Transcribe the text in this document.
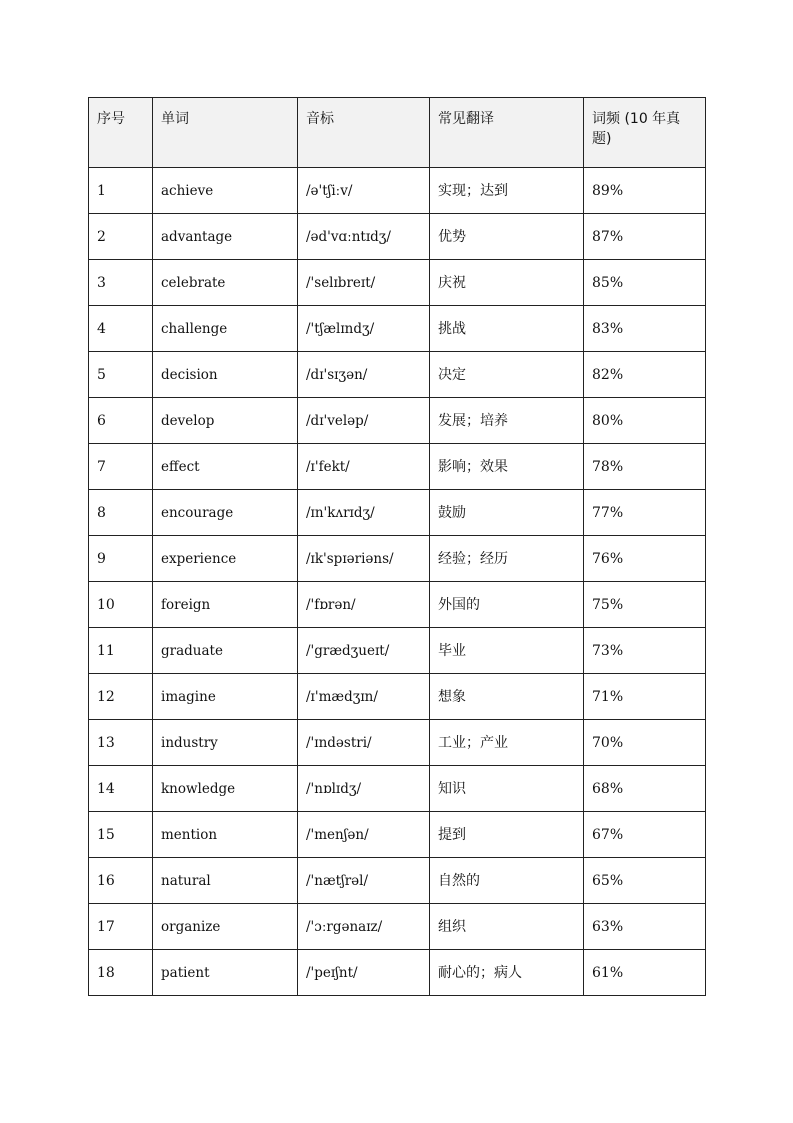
序号	单词	音标	常见翻译	词频 (10 年真题)
1	achieve	/ə'tʃiːv/	实现；达到	89%
2	advantage	/əd'vɑːntɪdʒ/	优势	87%
3	celebrate	/'selɪbreɪt/	庆祝	85%
4	challenge	/'tʃælɪndʒ/	挑战	83%
5	decision	/dɪ'sɪʒən/	决定	82%
6	develop	/dɪ'veləp/	发展；培养	80%
7	effect	/ɪ'fekt/	影响；效果	78%
8	encourage	/ɪn'kʌrɪdʒ/	鼓励	77%
9	experience	/ɪk'spɪəriəns/	经验；经历	76%
10	foreign	/'fɒrən/	外国的	75%
11	graduate	/'grædʒueɪt/	毕业	73%
12	imagine	/ɪ'mædʒɪn/	想象	71%
13	industry	/'ɪndəstri/	工业；产业	70%
14	knowledge	/'nɒlɪdʒ/	知识	68%
15	mention	/'menʃən/	提到	67%
16	natural	/'nætʃrəl/	自然的	65%
17	organize	/'ɔːrgənaɪz/	组织	63%
18	patient	/'peɪʃnt/	耐心的；病人	61%
